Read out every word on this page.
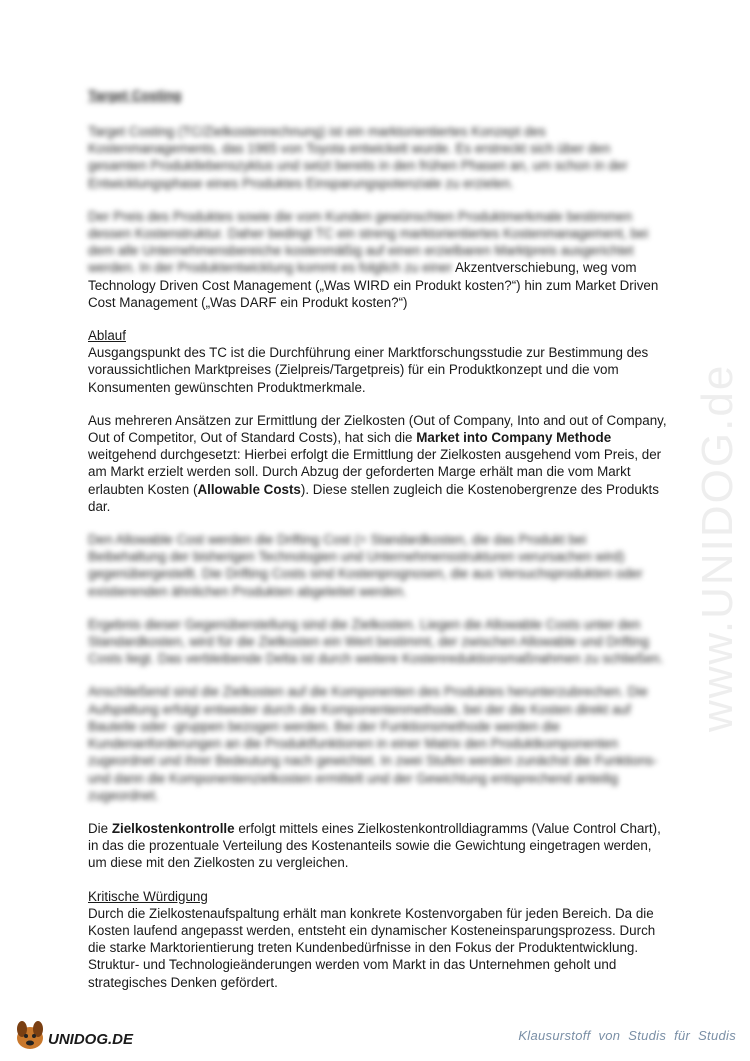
Target Costing

Target Costing (TC/Zielkostenrechnung) ist ein marktorientiertes Konzept des Kostenmanagements, das 1965 von Toyota entwickelt wurde. Es erstreckt sich über den gesamten Produktlebenszyklus und setzt bereits in den frühen Phasen an, um schon in der Entwicklungsphase eines Produktes Einsparungspotenziale zu erzielen.

Der Preis des Produktes sowie die vom Kunden gewünschten Produktmerkmale bestimmen dessen Kostenstruktur. Daher bedingt TC ein streng marktorientiertes Kostenmanagement, bei dem alle Unternehmensbereiche kostenmäßig auf einen erzielbaren Marktpreis ausgerichtet werden. In der Produktentwicklung kommt es folglich zu einer Akzentverschiebung, weg vom Technology Driven Cost Management („Was WIRD ein Produkt kosten?“) hin zum Market Driven Cost Management („Was DARF ein Produkt kosten?“)

Ablauf
Ausgangspunkt des TC ist die Durchführung einer Marktforschungsstudie zur Bestimmung des voraussichtlichen Marktpreises (Zielpreis/Targetpreis) für ein Produktkonzept und die vom Konsumenten gewünschten Produktmerkmale.

Aus mehreren Ansätzen zur Ermittlung der Zielkosten (Out of Company, Into and out of Company, Out of Competitor, Out of Standard Costs), hat sich die Market into Company Methode weitgehend durchgesetzt: Hierbei erfolgt die Ermittlung der Zielkosten ausgehend vom Preis, der am Markt erzielt werden soll. Durch Abzug der geforderten Marge erhält man die vom Markt erlaubten Kosten (Allowable Costs). Diese stellen zugleich die Kostenobergrenze des Produkts dar.

Den Allowable Cost werden die Drifting Cost (= Standardkosten, die das Produkt bei Beibehaltung der bisherigen Technologien und Unternehmensstrukturen verursachen wird) gegenübergestellt. Die Drifting Costs sind Kostenprognosen, die aus Versuchsprodukten oder existierenden ähnlichen Produkten abgeleitet werden.

Ergebnis dieser Gegenüberstellung sind die Zielkosten. Liegen die Allowable Costs unter den Standardkosten, wird für die Zielkosten ein Wert bestimmt, der zwischen Allowable und Drifting Costs liegt. Das verbleibende Delta ist durch weitere Kostenreduktionsmaßnahmen zu schließen.

Anschließend sind die Zielkosten auf die Komponenten des Produktes herunterzubrechen. Die Aufspaltung erfolgt entweder durch die Komponentenmethode, bei der die Kosten direkt auf Bauteile oder -gruppen bezogen werden. Bei der Funktionsmethode werden die Kundenanforderungen an die Produktfunktionen in einer Matrix den Produktkomponenten zugeordnet und ihrer Bedeutung nach gewichtet. In zwei Stufen werden zunächst die Funktions- und dann die Komponentenzielkosten ermittelt und der Gewichtung entsprechend anteilig zugeordnet.

Die Zielkostenkontrolle erfolgt mittels eines Zielkostenkontrolldiagramms (Value Control Chart), in das die prozentuale Verteilung des Kostenanteils sowie die Gewichtung eingetragen werden, um diese mit den Zielkosten zu vergleichen.

Kritische Würdigung
Durch die Zielkostenaufspaltung erhält man konkrete Kostenvorgaben für jeden Bereich. Da die Kosten laufend angepasst werden, entsteht ein dynamischer Kosteneinsparungsprozess. Durch die starke Marktorientierung treten Kundenbedürfnisse in den Fokus der Produktentwicklung. Struktur- und Technologieänderungen werden vom Markt in das Unternehmen geholt und strategisches Denken gefördert.

www.UNIDOG.de
UNIDOG.DE	Klausurstoff von Studis für Studis
